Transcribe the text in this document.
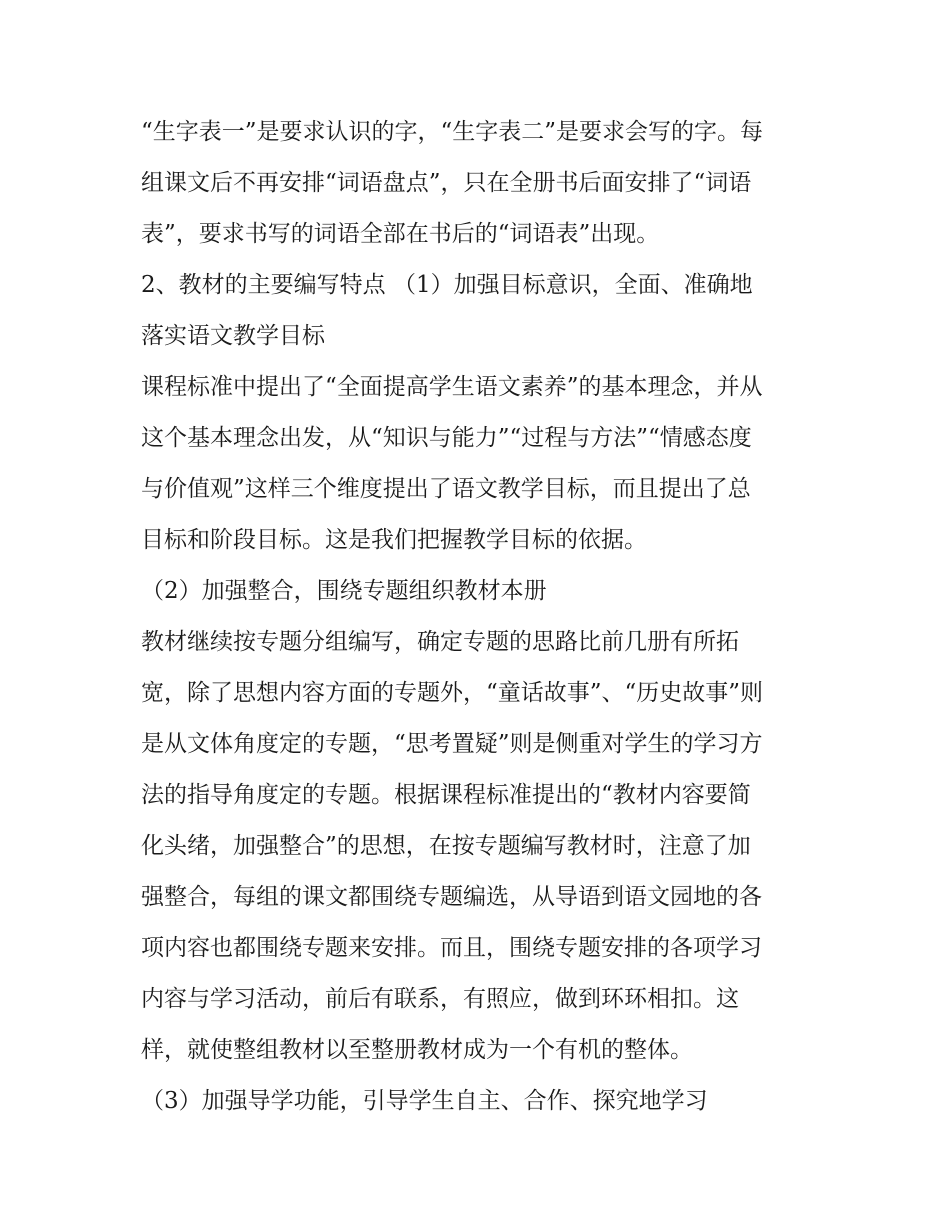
“生字表一”是要求认识的字，“生字表二”是要求会写的字。每
组课文后不再安排“词语盘点”，只在全册书后面安排了“词语
表”，要求书写的词语全部在书后的“词语表”出现。
2、教材的主要编写特点 （1）加强目标意识，全面、准确地
落实语文教学目标
课程标准中提出了“全面提高学生语文素养”的基本理念，并从
这个基本理念出发，从“知识与能力”“过程与方法”“情感态度
与价值观”这样三个维度提出了语文教学目标，而且提出了总
目标和阶段目标。这是我们把握教学目标的依据。
（2）加强整合，围绕专题组织教材本册
教材继续按专题分组编写，确定专题的思路比前几册有所拓
宽，除了思想内容方面的专题外，“童话故事”、“历史故事”则
是从文体角度定的专题，“思考置疑”则是侧重对学生的学习方
法的指导角度定的专题。根据课程标准提出的“教材内容要简
化头绪，加强整合”的思想，在按专题编写教材时，注意了加
强整合，每组的课文都围绕专题编选，从导语到语文园地的各
项内容也都围绕专题来安排。而且，围绕专题安排的各项学习
内容与学习活动，前后有联系，有照应，做到环环相扣。这
样，就使整组教材以至整册教材成为一个有机的整体。
（3）加强导学功能，引导学生自主、合作、探究地学习
